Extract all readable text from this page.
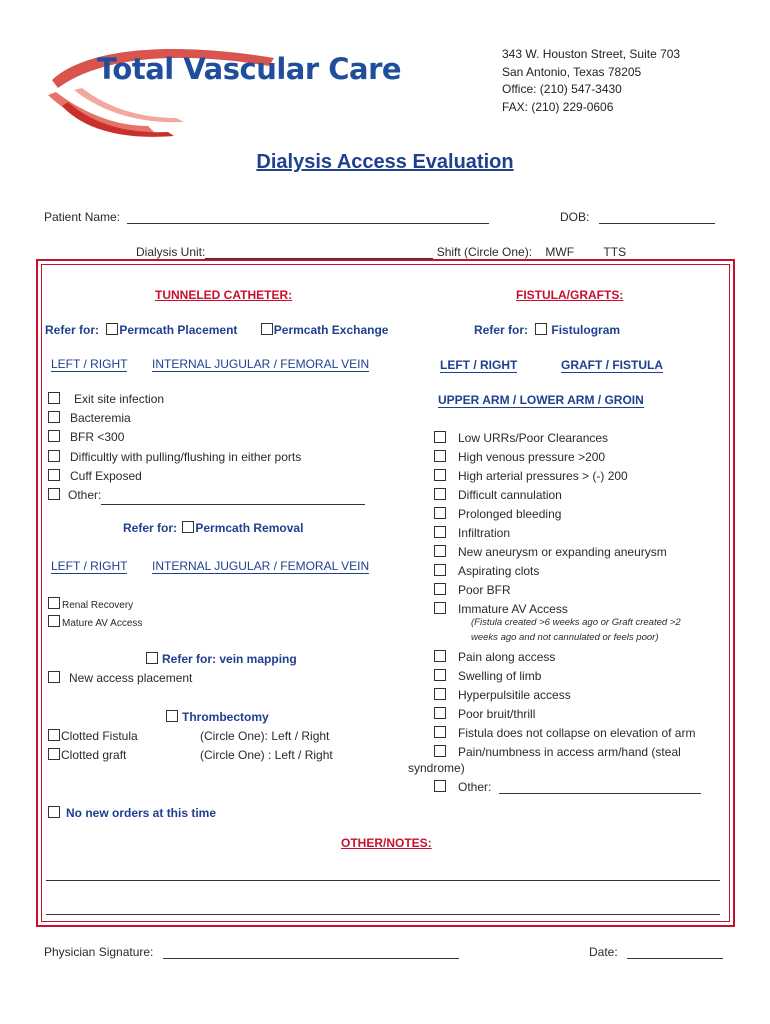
Total Vascular Care	343 W. Houston Street, Suite 703
San Antonio, Texas 78205
Office: (210) 547-3430
FAX: (210) 229-0606
Dialysis Access Evaluation
Patient Name:	DOB:
Dialysis Unit:	Shift (Circle One): MWF TTS
TUNNELED CATHETER:
Refer for: Permcath Placement	Permcath Exchange
LEFT / RIGHT INTERNAL JUGULAR / FEMORAL VEIN
Exit site infection
Bacteremia
BFR <300
Difficultly with pulling/flushing in either ports
Cuff Exposed
Other:
Refer for: Permcath Removal
LEFT / RIGHT INTERNAL JUGULAR / FEMORAL VEIN
Renal Recovery
Mature AV Access
Refer for: vein mapping
New access placement
Thrombectomy
Clotted Fistula	(Circle One): Left / Right
Clotted graft	(Circle One) : Left / Right
No new orders at this time
FISTULA/GRAFTS:
Refer for: Fistulogram
LEFT / RIGHT	GRAFT / FISTULA
UPPER ARM / LOWER ARM / GROIN
Low URRs/Poor Clearances
High venous pressure >200
High arterial pressures > (-) 200
Difficult cannulation
Prolonged bleeding
Infiltration
New aneurysm or expanding aneurysm
Aspirating clots
Poor BFR
Immature AV Access
(Fistula created >6 weeks ago or Graft created >2
weeks ago and not cannulated or feels poor)
Pain along access
Swelling of limb
Hyperpulsitile access
Poor bruit/thrill
Fistula does not collapse on elevation of arm
Pain/numbness in access arm/hand (steal
syndrome)
Other:
OTHER/NOTES:
Physician Signature:	Date:
